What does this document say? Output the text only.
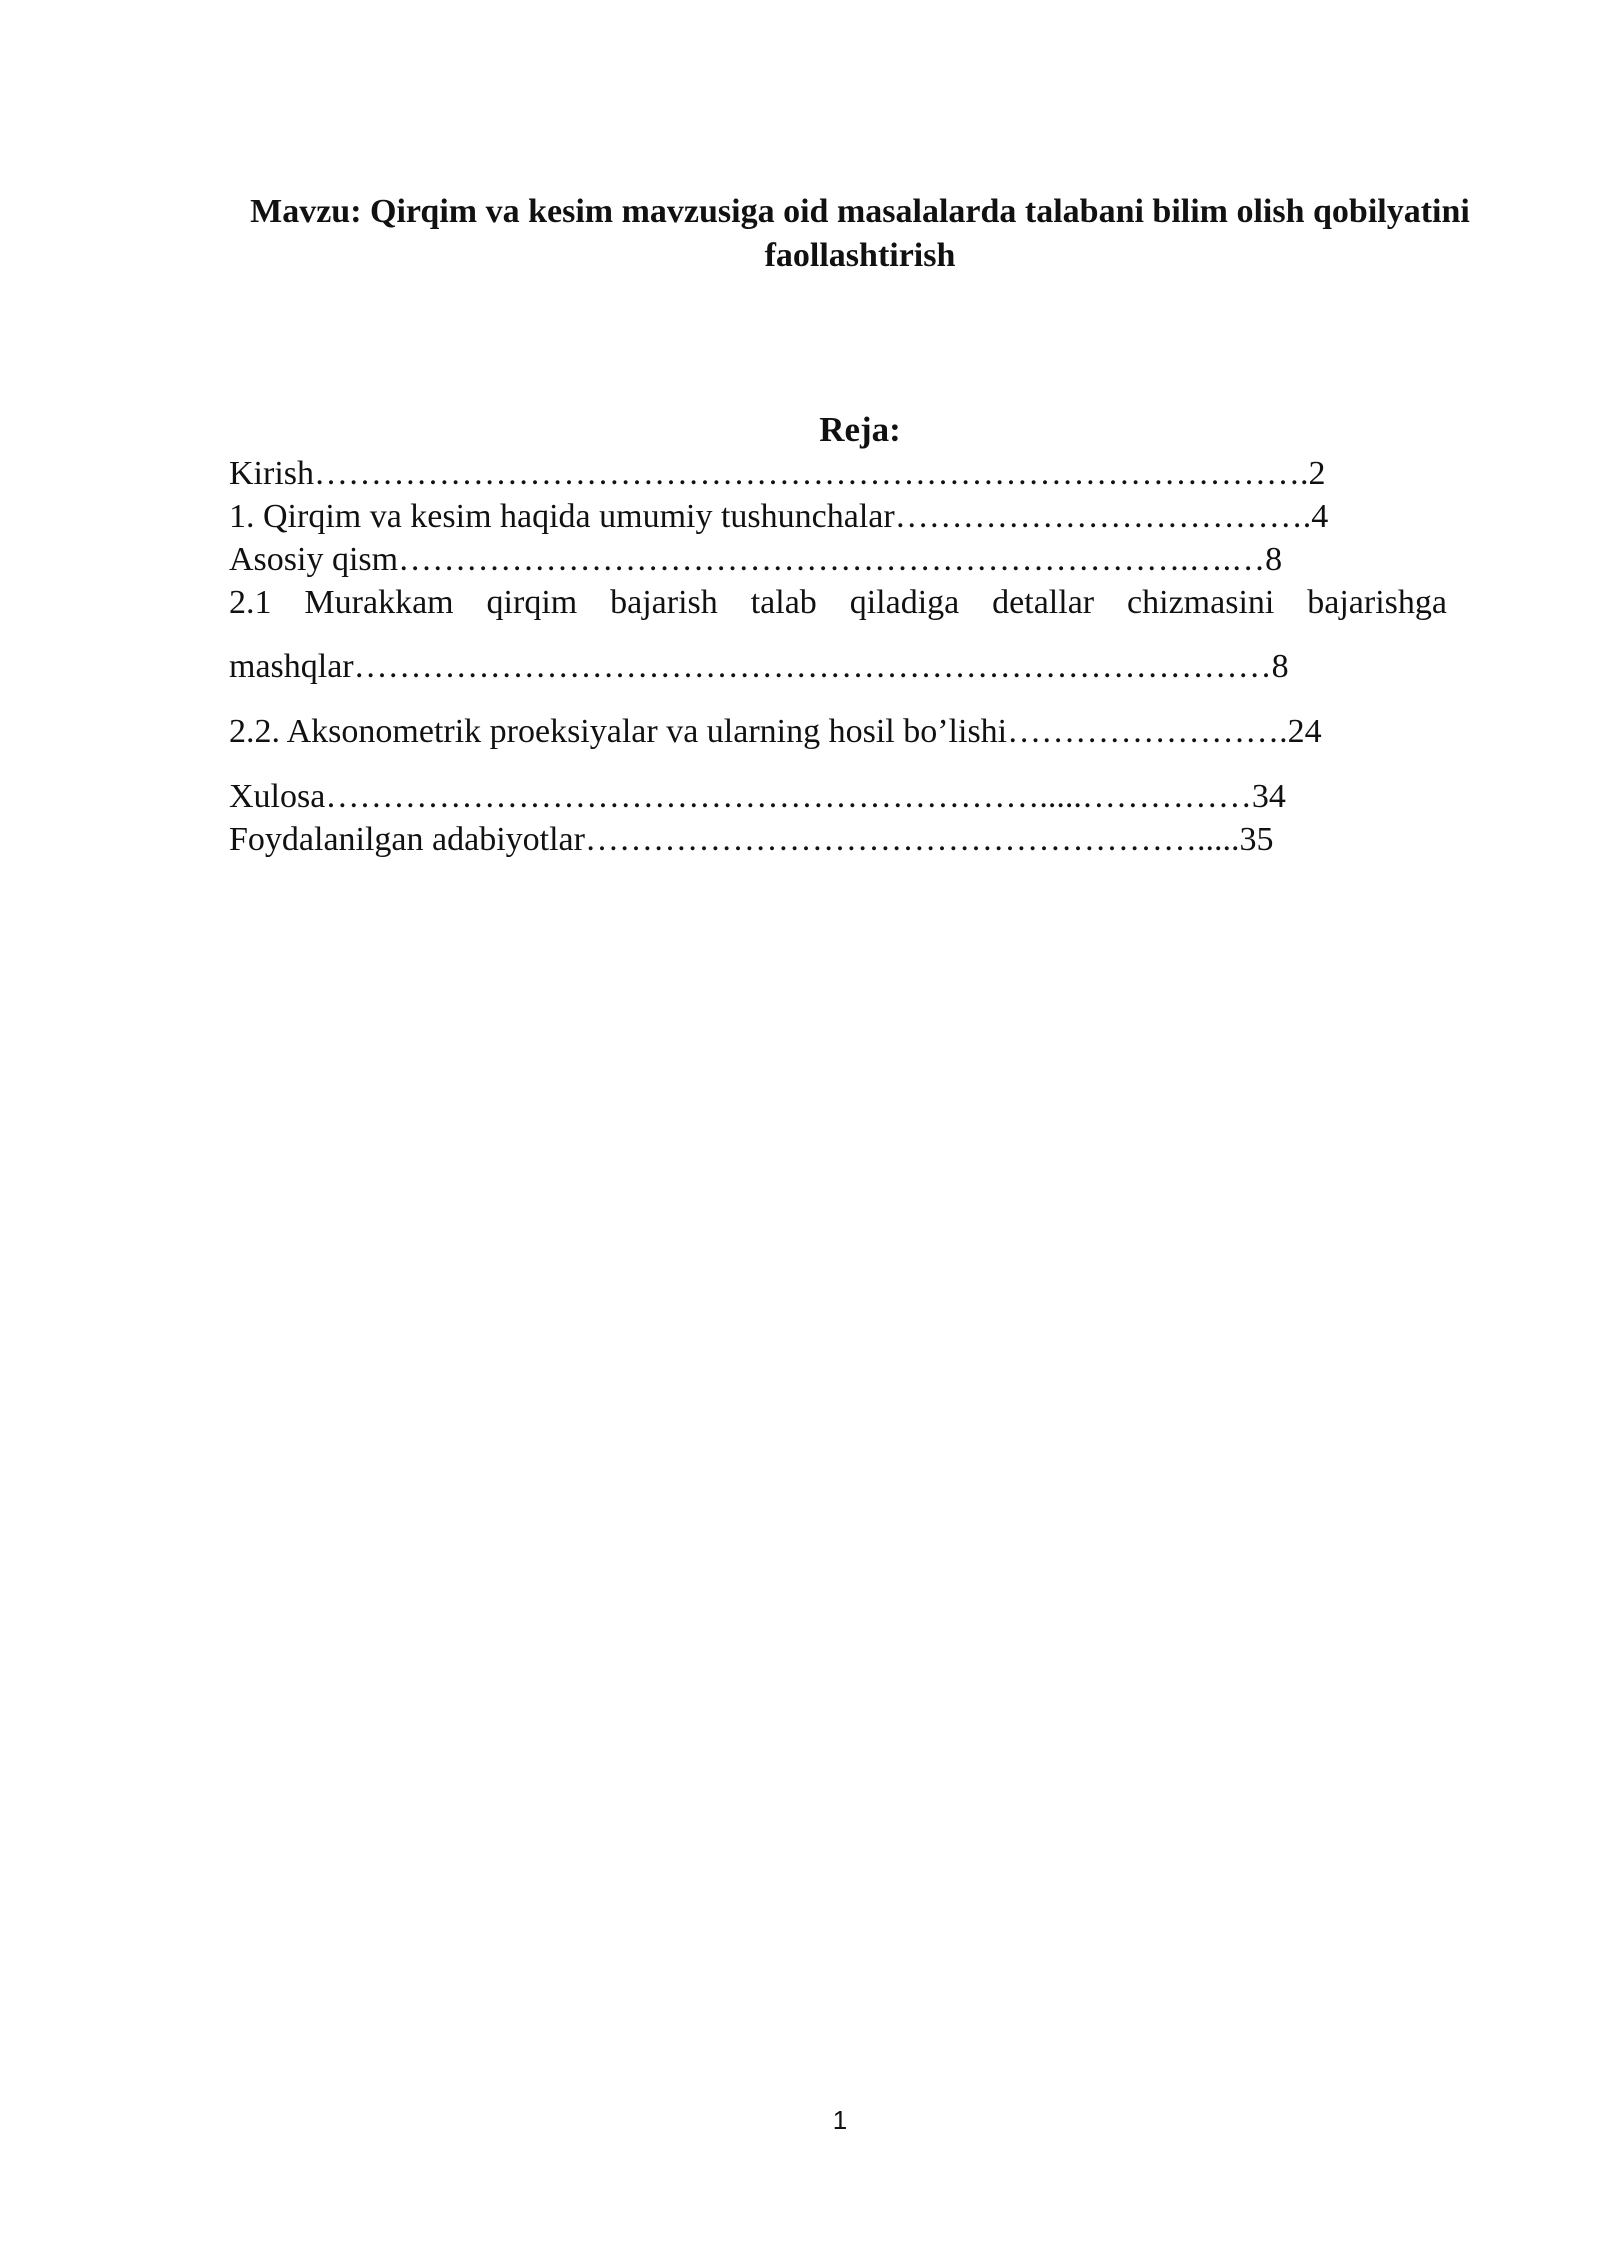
Mavzu: Qirqim va kesim mavzusiga oid masalalarda talabani bilim olish qobilyatini faollashtirish
Reja:
Kirish…………………………………………………………………………….2
1. Qirqim va kesim haqida umumiy tushunchalar……………………………….4
Asosiy qism…………………………………………………………….….…8
2.1 Murakkam qirqim bajarish talab qiladiga detallar chizmasini bajarishga
mashqlar………………………………………………………………………8
2.2. Aksonometrik proeksiyalar va ularning hosil bo’lishi…………………….24
Xulosa……………………………………………………….....……………34
Foydalanilgan adabiyotlar……………………………………………….....35
1
